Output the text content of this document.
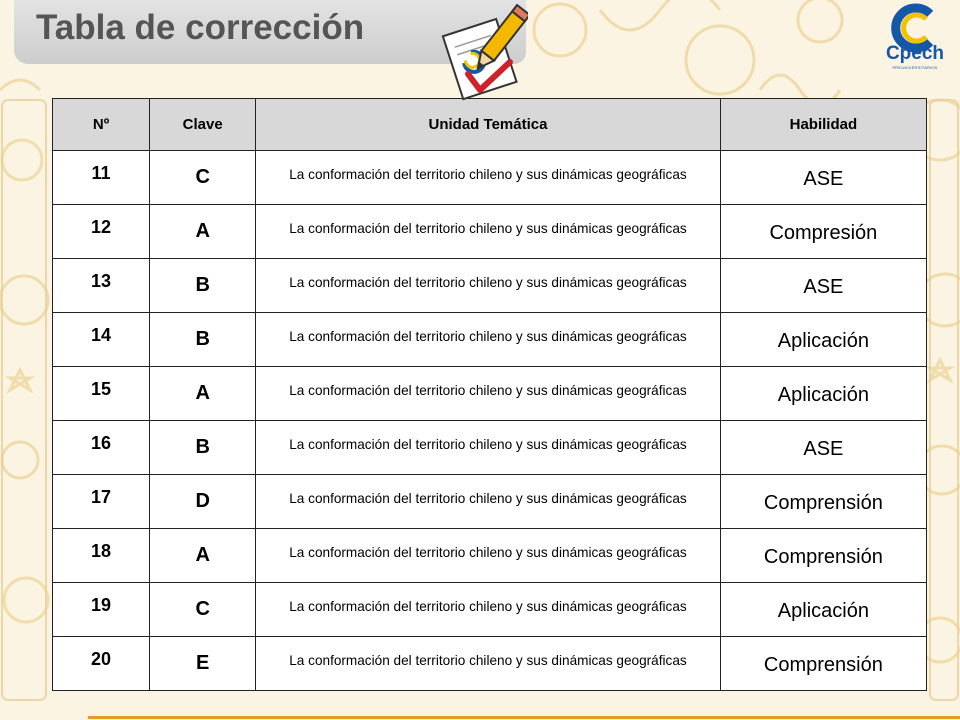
Tabla de corrección
Cpech
PREUNIVERSITARIOS
Nº	Clave	Unidad Temática	Habilidad
11	C	La conformación del territorio chileno y sus dinámicas geográficas	ASE
12	A	La conformación del territorio chileno y sus dinámicas geográficas	Compresión
13	B	La conformación del territorio chileno y sus dinámicas geográficas	ASE
14	B	La conformación del territorio chileno y sus dinámicas geográficas	Aplicación
15	A	La conformación del territorio chileno y sus dinámicas geográficas	Aplicación
16	B	La conformación del territorio chileno y sus dinámicas geográficas	ASE
17	D	La conformación del territorio chileno y sus dinámicas geográficas	Comprensión
18	A	La conformación del territorio chileno y sus dinámicas geográficas	Comprensión
19	C	La conformación del territorio chileno y sus dinámicas geográficas	Aplicación
20	E	La conformación del territorio chileno y sus dinámicas geográficas	Comprensión
